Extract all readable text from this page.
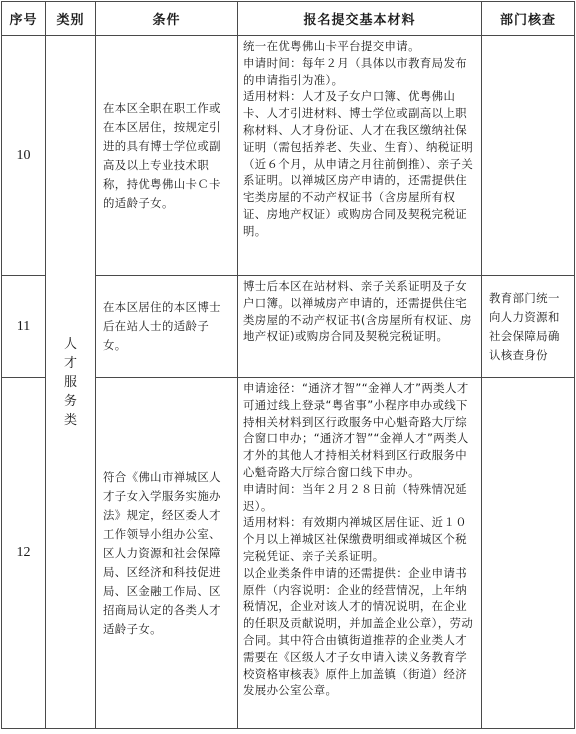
序号	类别	条件	报名提交基本材料	部门核查
10	人才服务类	在本区全职在职工作或在本区居住，按规定引进的具有博士学位或副高及以上专业技术职称，持优粤佛山卡Ｃ卡的适龄子女。	统一在优粤佛山卡平台提交申请。

申请时间：每年２月（具体以市教育局发布的申请指引为准）。

适用材料：人才及子女户口簿、优粤佛山卡、人才引进材料、博士学位或副高以上职称材料、人才身份证、人才在我区缴纳社保证明（需包括养老、失业、生育）、纳税证明（近６个月，从申请之月往前倒推）、亲子关系证明。以禅城区房产申请的，还需提供住宅类房屋的不动产权证书（含房屋所有权证、房地产权证）或购房合同及契税完税证明。	

11		在本区居住的本区博士后在站人士的适龄子女。	博士后本区在站材料、亲子关系证明及子女户口簿。以禅城房产申请的，还需提供住宅类房屋的不动产权证书(含房屋所有权证、房地产权证)或购房合同及契税完税证明。	教育部门统一向人力资源和社会保障局确认核查身份
12		符合《佛山市禅城区人才子女入学服务实施办法》规定，经区委人才工作领导小组办公室、区人力资源和社会保障局、区经济和科技促进局、区金融工作局、区招商局认定的各类人才适龄子女。	申请途径：“通济才智”“金禅人才”两类人才可通过线上登录“粤省事”小程序申办或线下持相关材料到区行政服务中心魁奇路大厅综合窗口申办；“通济才智”“金禅人才”两类人才外的其他人才持相关材料到区行政服务中心魁奇路大厅综合窗口线下申办。

申请时间：当年２月２８日前（特殊情况延迟）。

适用材料：有效期内禅城区居住证、近１０个月以上禅城区社保缴费明细或禅城区个税完税凭证、亲子关系证明。

以企业类条件申请的还需提供：企业申请书原件（内容说明：企业的经营情况，上年纳税情况，企业对该人才的情况说明，在企业的任职及贡献说明，并加盖企业公章），劳动合同。其中符合由镇街道推荐的企业类人才需要在《区级人才子女申请入读义务教育学校资格审核表》原件上加盖镇（街道）经济发展办公室公章。	
